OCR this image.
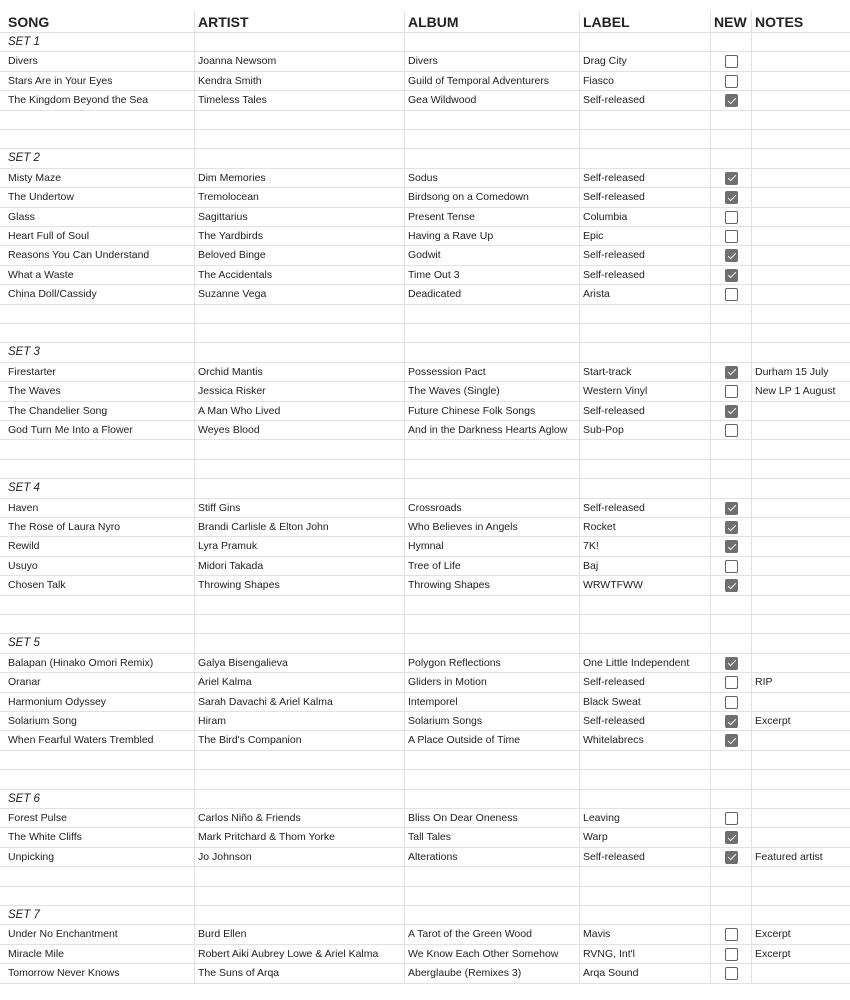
SONG	ARTIST	ALBUM	LABEL	NEW NOTES
SET 1
Divers	Joanna Newsom	Divers	Drag City
Stars Are in Your Eyes	Kendra Smith	Guild of Temporal Adventurers	Fiasco
The Kingdom Beyond the Sea	Timeless Tales	Gea Wildwood	Self-released
SET 2
Misty Maze	Dim Memories	Sodus	Self-released
The Undertow	Tremolocean	Birdsong on a Comedown	Self-released
Glass	Sagittarius	Present Tense	Columbia
Heart Full of Soul	The Yardbirds	Having a Rave Up	Epic
Reasons You Can Understand	Beloved Binge	Godwit	Self-released
What a Waste	The Accidentals	Time Out 3	Self-released
China Doll/Cassidy	Suzanne Vega	Deadicated	Arista
SET 3
Firestarter	Orchid Mantis	Possession Pact	Start-track	Durham 15 July
The Waves	Jessica Risker	The Waves (Single)	Western Vinyl	New LP 1 August
The Chandelier Song	A Man Who Lived	Future Chinese Folk Songs	Self-released
God Turn Me Into a Flower	Weyes Blood	And in the Darkness Hearts Aglow	Sub-Pop
SET 4
Haven	Stiff Gins	Crossroads	Self-released
The Rose of Laura Nyro	Brandi Carlisle & Elton John	Who Believes in Angels	Rocket
Rewild	Lyra Pramuk	Hymnal	7K!
Usuyo	Midori Takada	Tree of Life	Baj
Chosen Talk	Throwing Shapes	Throwing Shapes	WRWTFWW
SET 5
Balapan (Hinako Omori Remix)	Galya Bisengalieva	Polygon Reflections	One Little Independent
Oranar	Ariel Kalma	Gliders in Motion	Self-released	RIP
Harmonium Odyssey	Sarah Davachi & Ariel Kalma	Intemporel	Black Sweat
Solarium Song	Hiram	Solarium Songs	Self-released	Excerpt
When Fearful Waters Trembled	The Bird's Companion	A Place Outside of Time	Whitelabrecs
SET 6
Forest Pulse	Carlos Niño & Friends	Bliss On Dear Oneness	Leaving
The White Cliffs	Mark Pritchard & Thom Yorke	Tall Tales	Warp
Unpicking	Jo Johnson	Alterations	Self-released	Featured artist
SET 7
Under No Enchantment	Burd Ellen	A Tarot of the Green Wood	Mavis	Excerpt
Miracle Mile	Robert Aiki Aubrey Lowe & Ariel Kalma	We Know Each Other Somehow	RVNG, Int'l	Excerpt
Tomorrow Never Knows	The Suns of Arqa	Aberglaube (Remixes 3)	Arqa Sound
